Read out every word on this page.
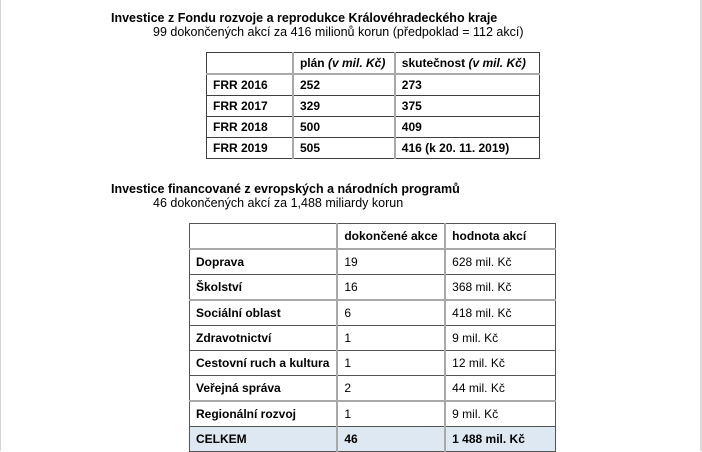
Investice z Fondu rozvoje a reprodukce Královéhradeckého kraje
99 dokončených akcí za 416 milionů korun (předpoklad = 112 akcí)
	plán (v mil. Kč)	skutečnost (v mil. Kč)
FRR 2016	252	273
FRR 2017	329	375
FRR 2018	500	409
FRR 2019	505	416 (k 20. 11. 2019)
Investice financované z evropských a národních programů
46 dokončených akcí za 1,488 miliardy korun
	dokončené akce	hodnota akcí
Doprava	19	628 mil. Kč
Školství	16	368 mil. Kč
Sociální oblast	6	418 mil. Kč
Zdravotnictví	1	9 mil. Kč
Cestovní ruch a kultura	1	12 mil. Kč
Veřejná správa	2	44 mil. Kč
Regionální rozvoj	1	9 mil. Kč
CELKEM	46	1 488 mil. Kč
